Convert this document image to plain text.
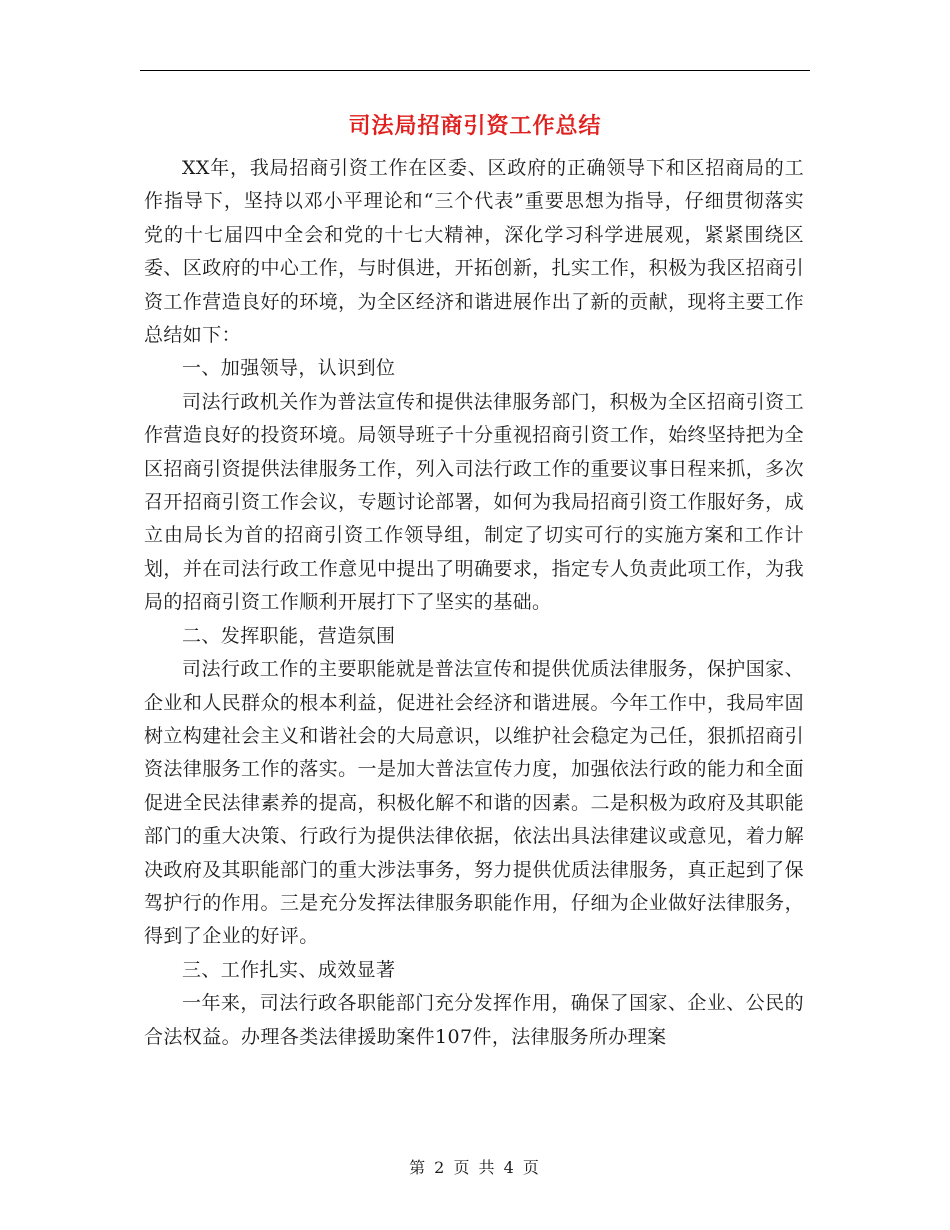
司法局招商引资工作总结

XX年，我局招商引资工作在区委、区政府的正确领导下和区招商局的工作指导下，坚持以邓小平理论和“三个代表”重要思想为指导，仔细贯彻落实党的十七届四中全会和党的十七大精神，深化学习科学进展观，紧紧围绕区委、区政府的中心工作，与时俱进，开拓创新，扎实工作，积极为我区招商引资工作营造良好的环境，为全区经济和谐进展作出了新的贡献，现将主要工作总结如下：

一、加强领导，认识到位

司法行政机关作为普法宣传和提供法律服务部门，积极为全区招商引资工作营造良好的投资环境。局领导班子十分重视招商引资工作，始终坚持把为全区招商引资提供法律服务工作，列入司法行政工作的重要议事日程来抓，多次召开招商引资工作会议，专题讨论部署，如何为我局招商引资工作服好务，成立由局长为首的招商引资工作领导组，制定了切实可行的实施方案和工作计划，并在司法行政工作意见中提出了明确要求，指定专人负责此项工作，为我局的招商引资工作顺利开展打下了坚实的基础。

二、发挥职能，营造氛围

司法行政工作的主要职能就是普法宣传和提供优质法律服务，保护国家、企业和人民群众的根本利益，促进社会经济和谐进展。今年工作中，我局牢固树立构建社会主义和谐社会的大局意识，以维护社会稳定为己任，狠抓招商引资法律服务工作的落实。一是加大普法宣传力度，加强依法行政的能力和全面促进全民法律素养的提高，积极化解不和谐的因素。二是积极为政府及其职能部门的重大决策、行政行为提供法律依据，依法出具法律建议或意见，着力解决政府及其职能部门的重大涉法事务，努力提供优质法律服务，真正起到了保驾护行的作用。三是充分发挥法律服务职能作用，仔细为企业做好法律服务，得到了企业的好评。

三、工作扎实、成效显著

一年来，司法行政各职能部门充分发挥作用，确保了国家、企业、公民的合法权益。办理各类法律援助案件107件，法律服务所办理案

第 2 页 共 4 页
